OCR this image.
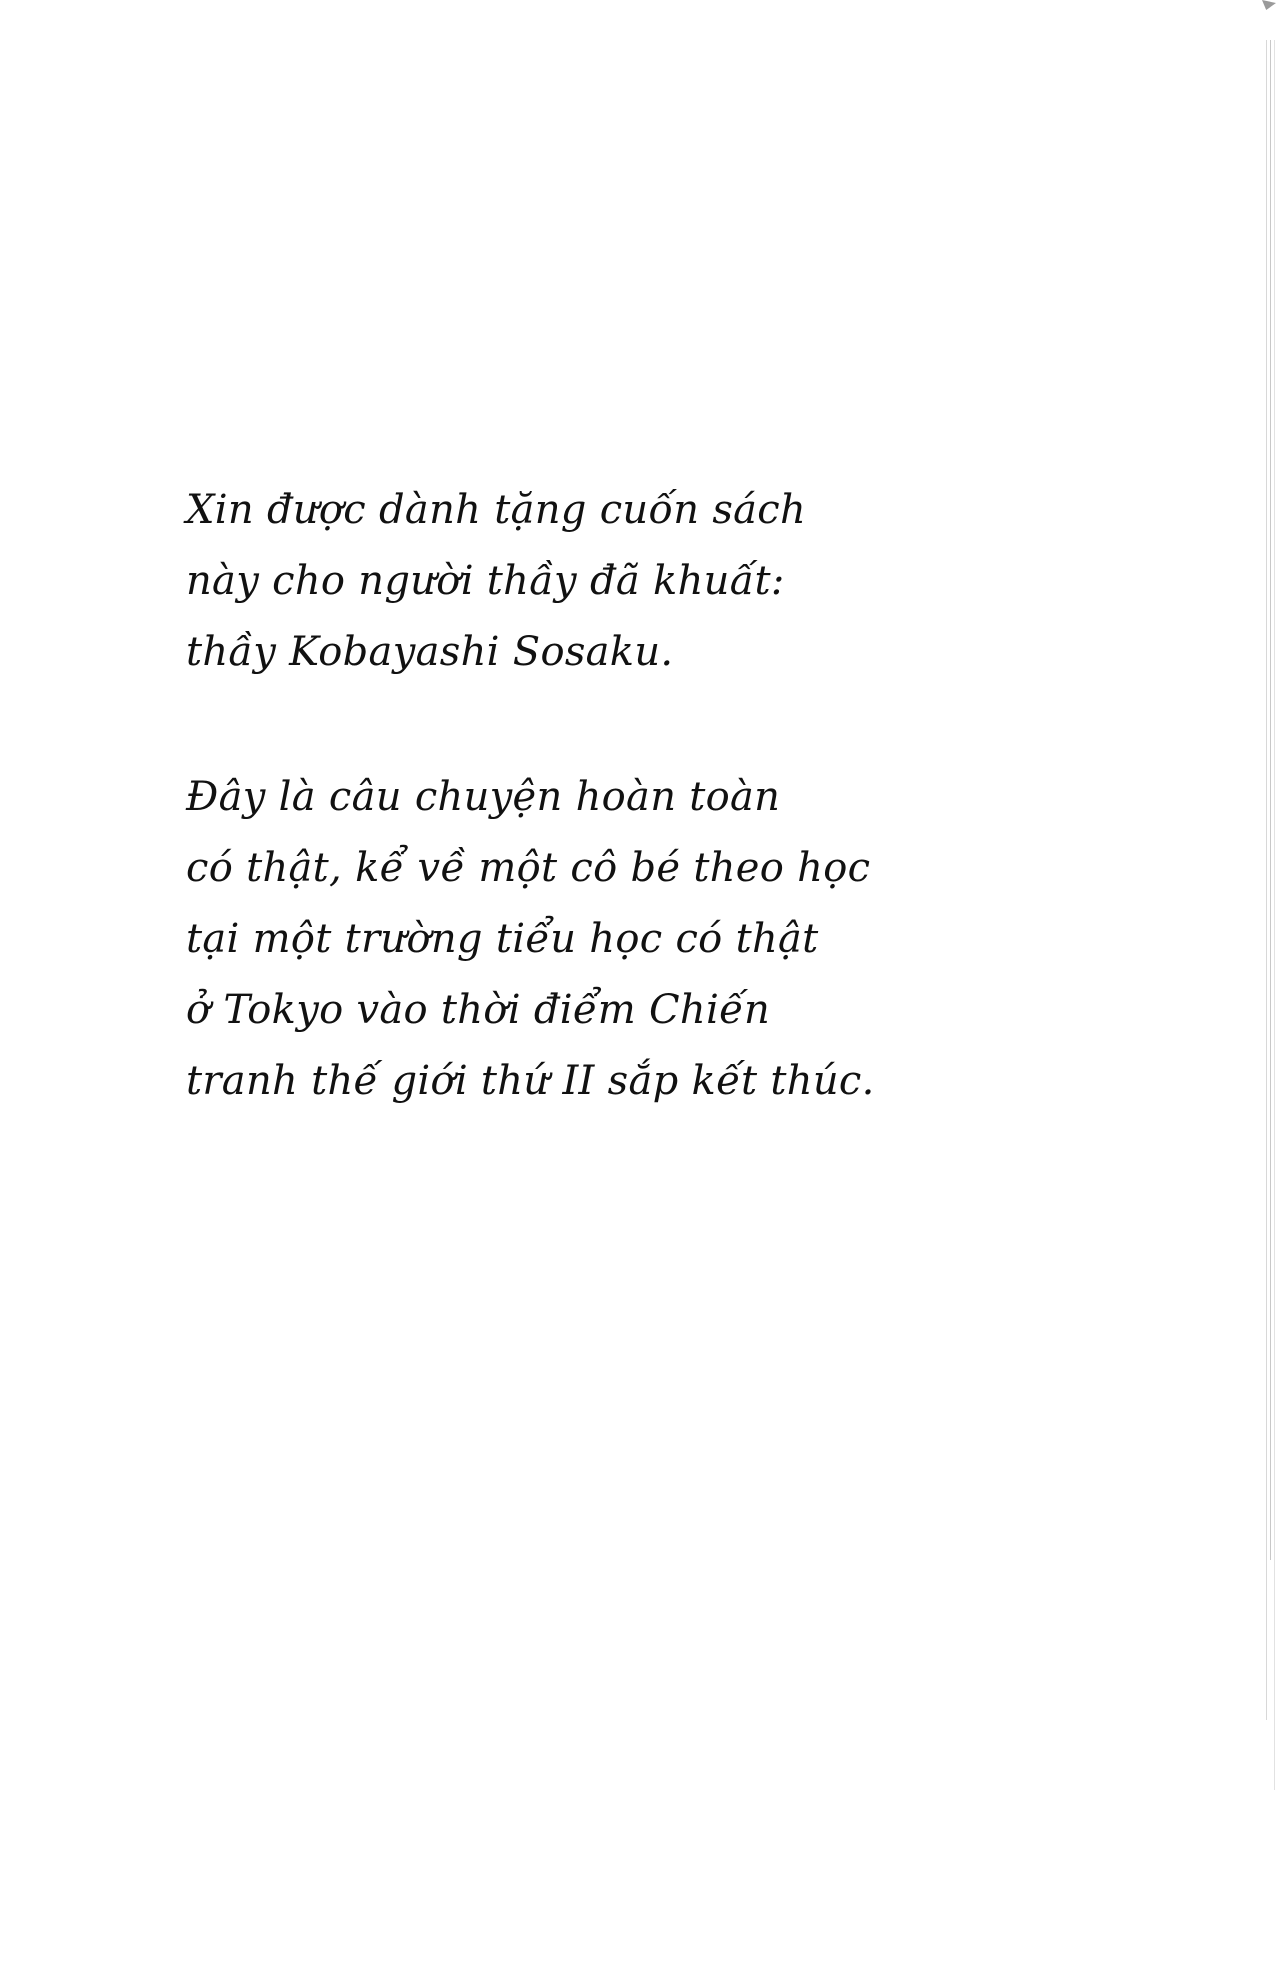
Xin được dành tặng cuốn sách
này cho người thầy đã khuất:
thầy Kobayashi Sosaku.
Đây là câu chuyện hoàn toàn
có thật, kể về một cô bé theo học
tại một trường tiểu học có thật
ở Tokyo vào thời điểm Chiến
tranh thế giới thứ II sắp kết thúc.
